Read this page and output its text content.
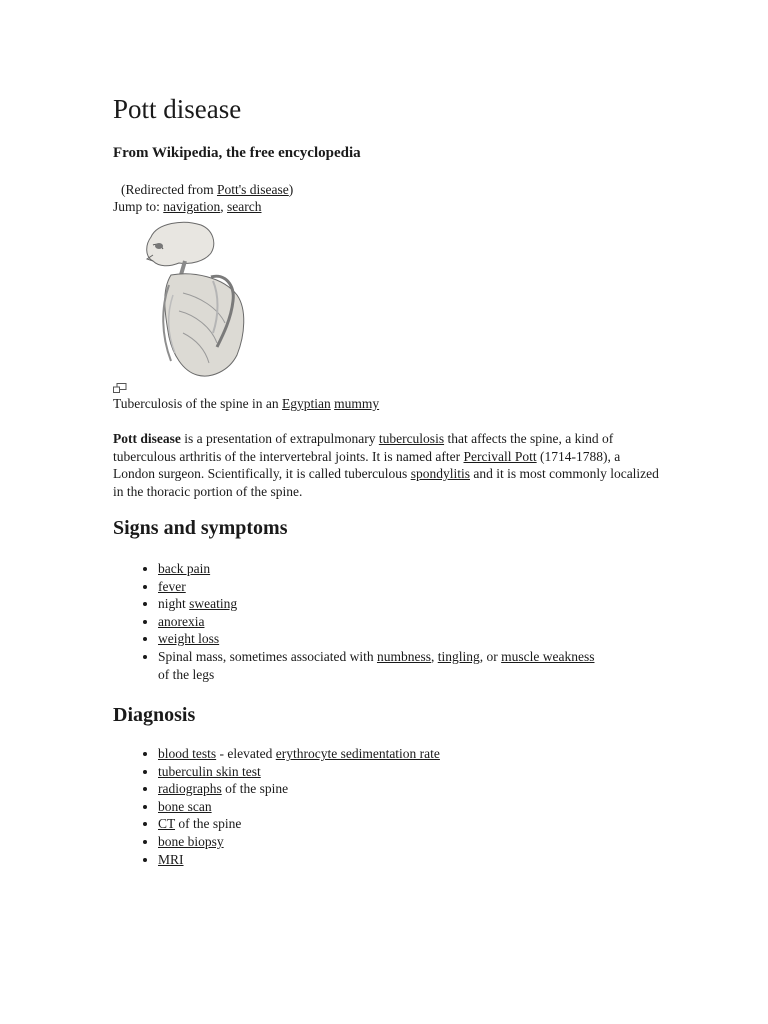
Pott disease

From Wikipedia, the free encyclopedia

(Redirected from Pott's disease)
Jump to: navigation, search
Tuberculosis of the spine in an Egyptian mummy

Pott disease is a presentation of extrapulmonary tuberculosis that affects the spine, a kind of tuberculous arthritis of the intervertebral joints. It is named after Percivall Pott (1714-1788), a London surgeon. Scientifically, it is called tuberculous spondylitis and it is most commonly localized in the thoracic portion of the spine.

Signs and symptoms
• back pain
• fever
• night sweating
• anorexia
• weight loss
• Spinal mass, sometimes associated with numbness, tingling, or muscle weakness
of the legs
Diagnosis
• blood tests - elevated erythrocyte sedimentation rate
• tuberculin skin test
• radiographs of the spine
• bone scan
• CT of the spine
• bone biopsy
• MRI
